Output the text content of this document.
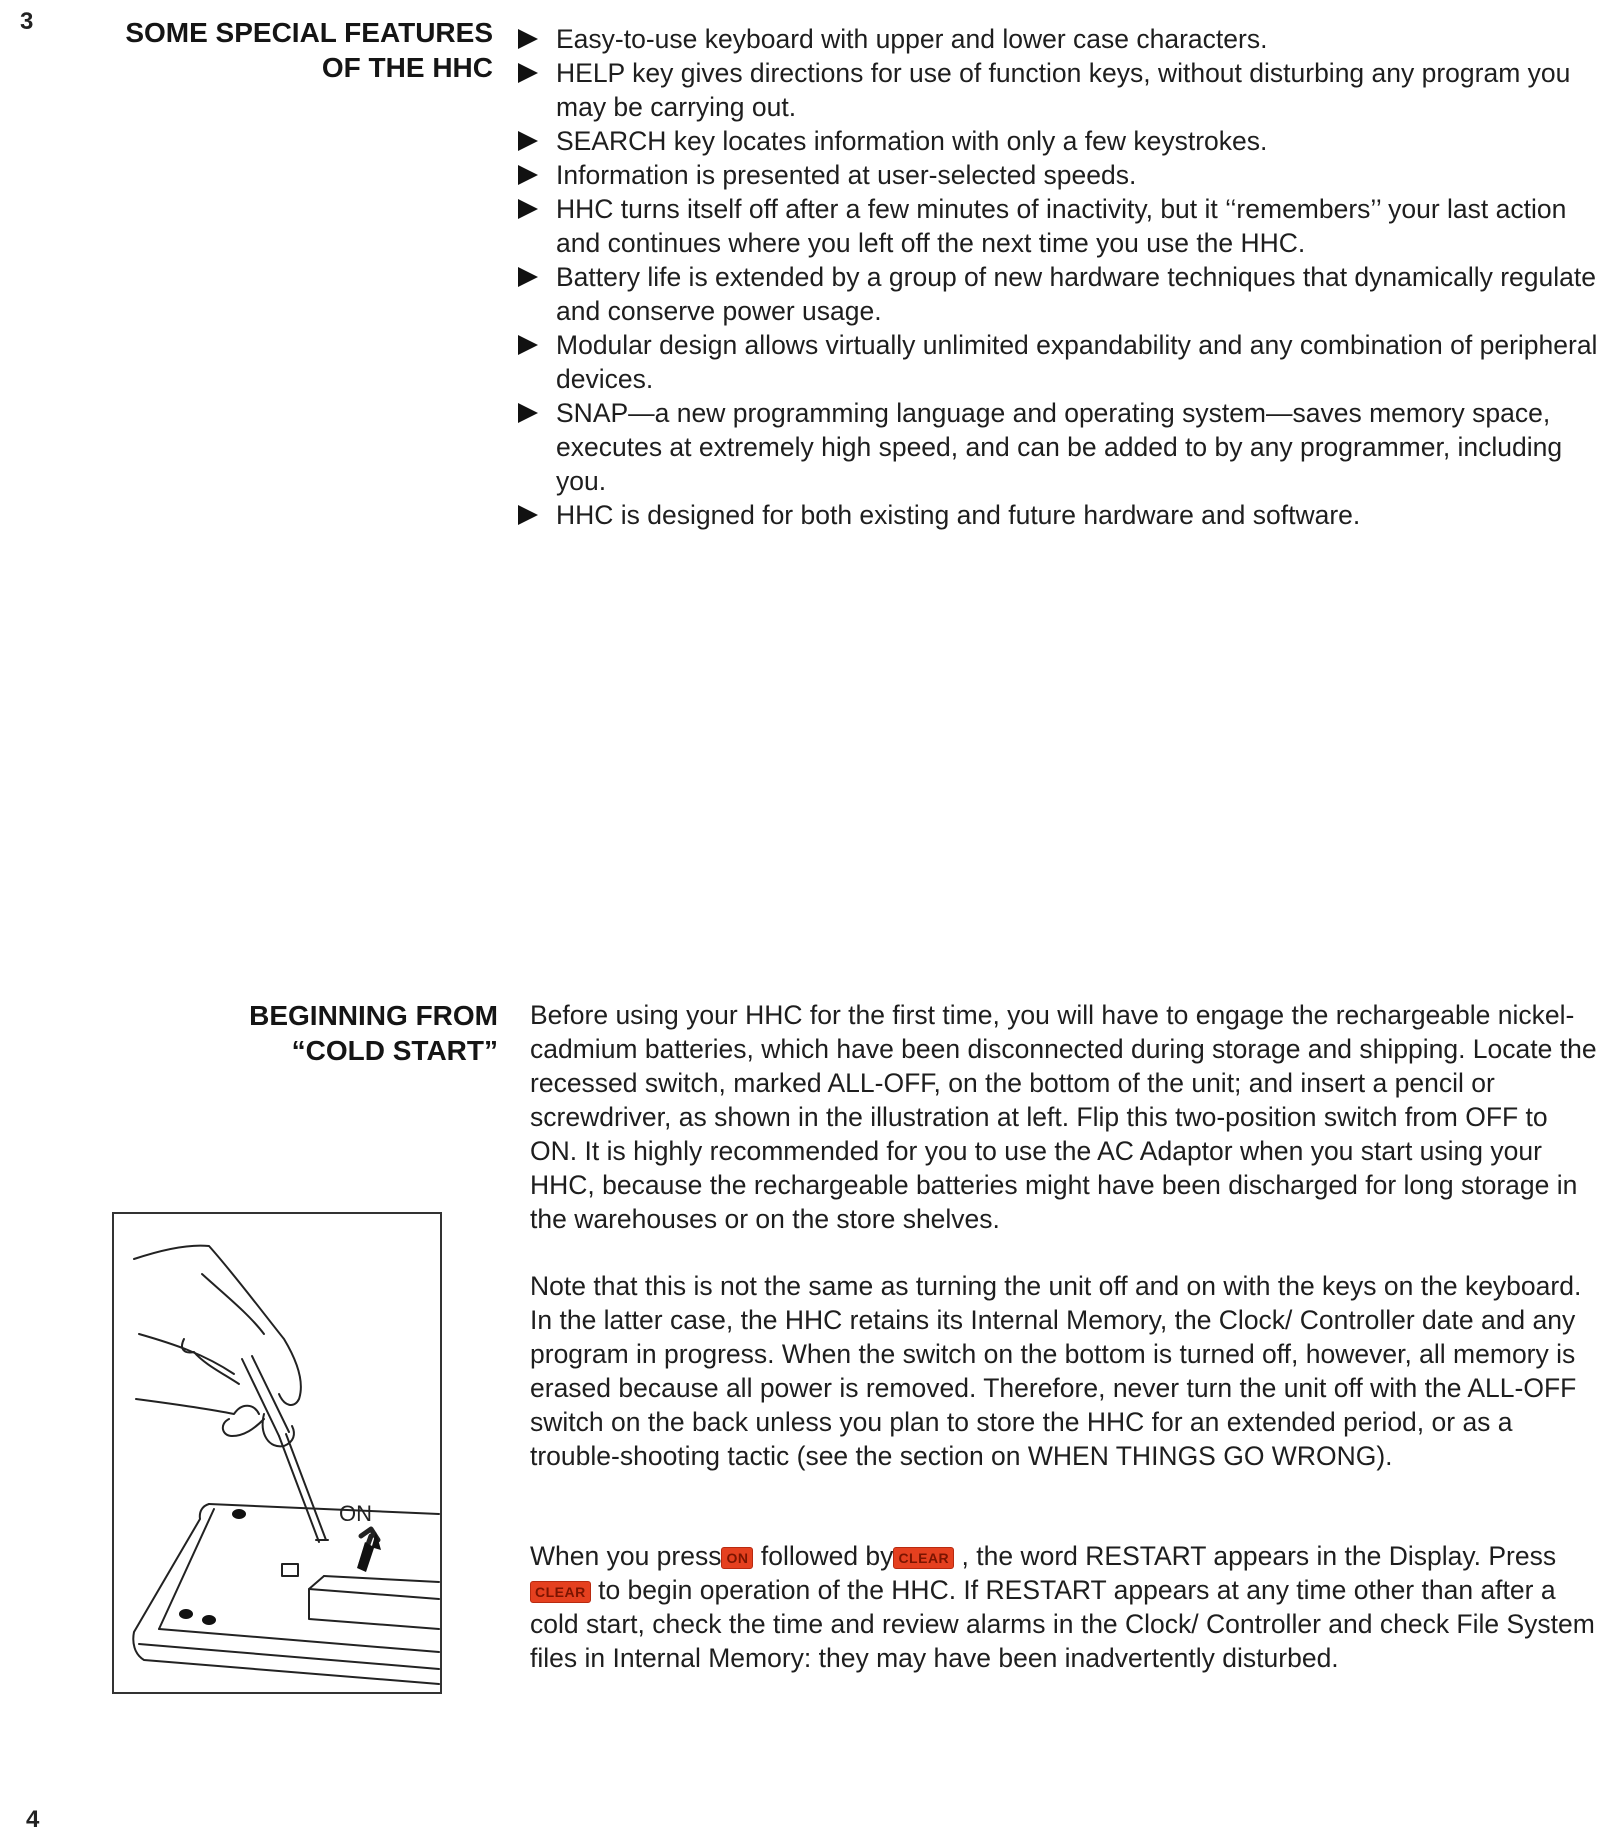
3	SOME SPECIAL FEATURES
OF THE HHC
Easy-to-use keyboard with upper and lower case characters.
HELP key gives directions for use of function keys, without disturbing any program you may be carrying out.
SEARCH key locates information with only a few keystrokes.
Information is presented at user-selected speeds.
HHC turns itself off after a few minutes of inactivity, but it ‘‘remembers’’ your last action and continues where you left off the next time you use the HHC.
Battery life is extended by a group of new hardware techniques that dynamically regulate and conserve power usage.
Modular design allows virtually unlimited expandability and any combination of peripheral devices.
SNAP—a new programming language and operating system—saves memory space, executes at extremely high speed, and can be added to by any programmer, including you.
HHC is designed for both existing and future hardware and software.
BEGINNING FROM
“COLD START”

Before using your HHC for the first time, you will have to engage the rechargeable nickel-cadmium batteries, which have been disconnected during storage and shipping. Locate the recessed switch, marked ALL-OFF, on the bottom of the unit; and insert a pencil or screwdriver, as shown in the illustration at left. Flip this two-position switch from OFF to ON. It is highly recommended for you to use the AC Adaptor when you start using your HHC, because the rechargeable batteries might have been discharged for long storage in the warehouses or on the store shelves.

Note that this is not the same as turning the unit off and on with the keys on the keyboard. In the latter case, the HHC retains its Internal Memory, the Clock/ Controller date and any program in progress. When the switch on the bottom is turned off, however, all memory is erased because all power is removed. Therefore, never turn the unit off with the ALL-OFF switch on the back unless you plan to store the HHC for an extended period, or as a trouble-shooting tactic (see the section on WHEN THINGS GO WRONG).

When you press ON followed by CLEAR , the word RESTART appears in the Display. Press CLEAR to begin operation of the HHC. If RESTART appears at any time other than after a cold start, check the time and review alarms in the Clock/ Controller and check File System files in Internal Memory: they may have been inadvertently disturbed.

ON
4
